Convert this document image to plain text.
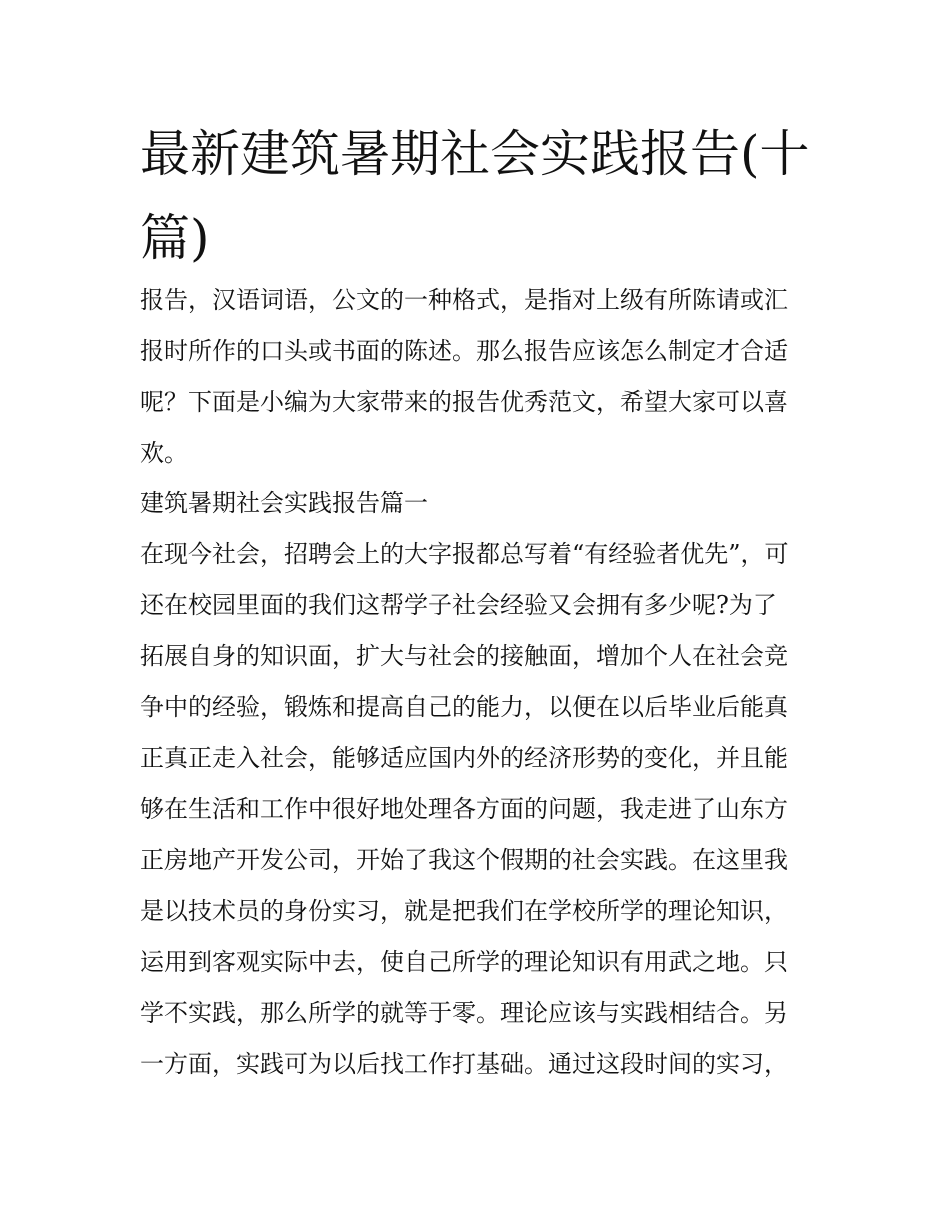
最新建筑暑期社会实践报告(十
篇)
报告，汉语词语，公文的一种格式，是指对上级有所陈请或汇
报时所作的口头或书面的陈述。那么报告应该怎么制定才合适
呢？下面是小编为大家带来的报告优秀范文，希望大家可以喜
欢。
建筑暑期社会实践报告篇一
在现今社会，招聘会上的大字报都总写着“有经验者优先”，可
还在校园里面的我们这帮学子社会经验又会拥有多少呢?为了
拓展自身的知识面，扩大与社会的接触面，增加个人在社会竞
争中的经验，锻炼和提高自己的能力，以便在以后毕业后能真
正真正走入社会，能够适应国内外的经济形势的变化，并且能
够在生活和工作中很好地处理各方面的问题，我走进了山东方
正房地产开发公司，开始了我这个假期的社会实践。在这里我
是以技术员的身份实习，就是把我们在学校所学的理论知识，
运用到客观实际中去，使自己所学的理论知识有用武之地。只
学不实践，那么所学的就等于零。理论应该与实践相结合。另
一方面，实践可为以后找工作打基础。通过这段时间的实习，
